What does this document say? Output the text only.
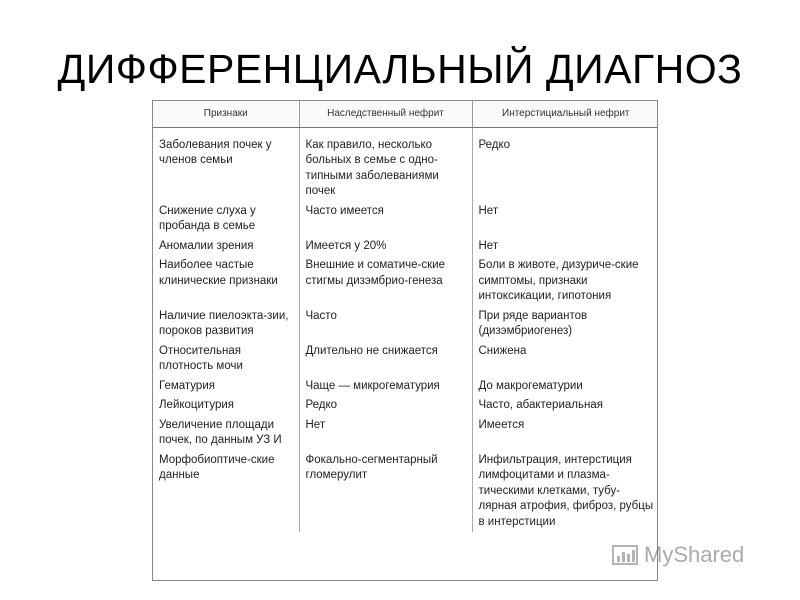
ДИФФЕРЕНЦИАЛЬНЫЙ ДИАГНОЗ
Признаки	Наследственный нефрит	Интерстициальный нефрит
Заболевания почек у членов семьи	Как правило, несколько больных в семье с одно-типными заболеваниями почек	Редко
Снижение слуха у пробанда в семье	Часто имеется	Нет
Аномалии зрения	Имеется у 20%	Нет
Наиболее частые клинические признаки	Внешние и соматиче-ские стигмы дизэмбрио-генеза	Боли в животе, дизуриче-ские симптомы, признаки интоксикации, гипотония
Наличие пиелоэкта-зии, пороков развития	Часто	При ряде вариантов (дизэмбриогенез)
Относительная плотность мочи	Длительно не снижается	Снижена
Гематурия	Чаще — микрогематурия	До макрогематурии
Лейкоцитурия	Редко	Часто, абактериальная
Увеличение площади почек, по данным УЗ И	Нет	Имеется
Морфобиоптиче-ские данные	Фокально-сегментарный гломерулит	Инфильтрация, интерстиция лимфоцитами и плазма-тическими клетками, тубу-лярная атрофия, фиброз, рубцы в интерстиции
MyShared
